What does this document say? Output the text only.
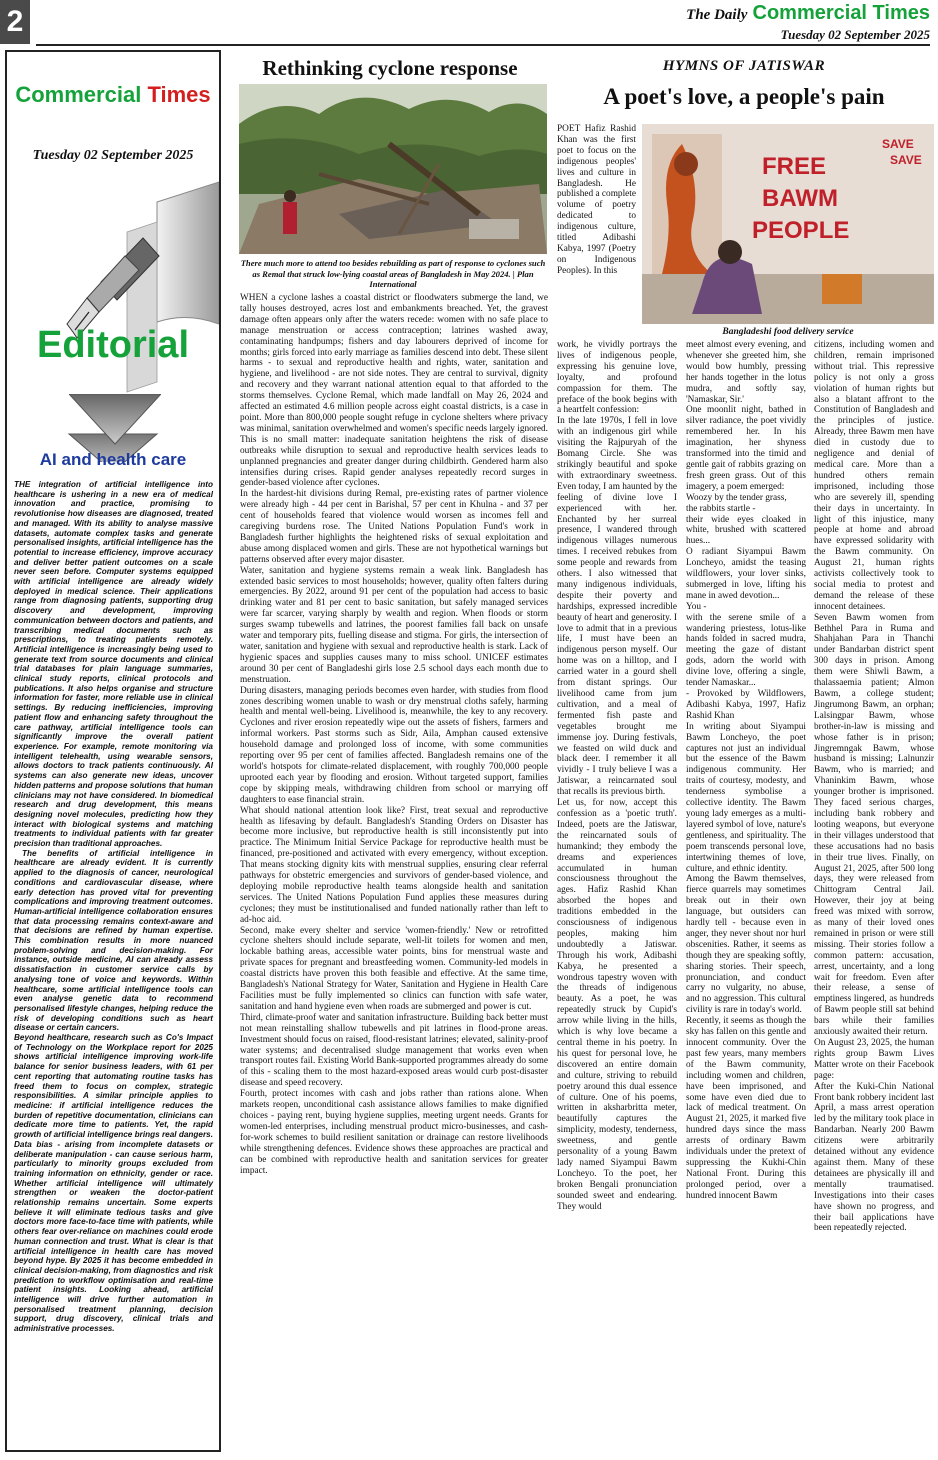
2	The Daily Commercial Times
Tuesday 02 September 2025
Commercial Times
Tuesday 02 September 2025
Editorial
AI and health care

THE integration of artificial intelligence into healthcare is ushering in a new era of medical innovation and practice, promising to revolutionise how diseases are diagnosed, treated and managed. With its ability to analyse massive datasets, automate complex tasks and generate personalised insights, artificial intelligence has the potential to increase efficiency, improve accuracy and deliver better patient outcomes on a scale never seen before. Computer systems equipped with artificial intelligence are already widely deployed in medical science. Their applications range from diagnosing patients, supporting drug discovery and development, improving communication between doctors and patients, and transcribing medical documents such as prescriptions, to treating patients remotely. Artificial intelligence is increasingly being used to generate text from source documents and clinical trial databases for plain language summaries, clinical study reports, clinical protocols and publications. It also helps organise and structure information for faster, more reliable use in clinical settings. By reducing inefficiencies, improving patient flow and enhancing safety throughout the care pathway, artificial intelligence tools can significantly improve the overall patient experience. For example, remote monitoring via intelligent telehealth, using wearable sensors, allows doctors to track patients continuously. AI systems can also generate new ideas, uncover hidden patterns and propose solutions that human clinicians may not have considered. In biomedical research and drug development, this means designing novel molecules, predicting how they interact with biological systems and matching treatments to individual patients with far greater precision than traditional approaches.

The benefits of artificial intelligence in healthcare are already evident. It is currently applied to the diagnosis of cancer, neurological conditions and cardiovascular disease, where early detection has proved vital for preventing complications and improving treatment outcomes. Human-artificial intelligence collaboration ensures that data processing remains context-aware and that decisions are refined by human expertise. This combination results in more nuanced problem-solving and decision-making. For instance, outside medicine, AI can already assess dissatisfaction in customer service calls by analysing tone of voice and keywords. Within healthcare, some artificial intelligence tools can even analyse genetic data to recommend personalised lifestyle changes, helping reduce the risk of developing conditions such as heart disease or certain cancers.

Beyond healthcare, research such as Co's Impact of Technology on the Workplace report for 2025 shows artificial intelligence improving work-life balance for senior business leaders, with 61 per cent reporting that automating routine tasks has freed them to focus on complex, strategic responsibilities. A similar principle applies to medicine: if artificial intelligence reduces the burden of repetitive documentation, clinicians can dedicate more time to patients. Yet, the rapid growth of artificial intelligence brings real dangers. Data bias - arising from incomplete datasets or deliberate manipulation - can cause serious harm, particularly to minority groups excluded from training information on ethnicity, gender or race. Whether artificial intelligence will ultimately strengthen or weaken the doctor-patient relationship remains uncertain. Some experts believe it will eliminate tedious tasks and give doctors more face-to-face time with patients, while others fear over-reliance on machines could erode human connection and trust. What is clear is that artificial intelligence in health care has moved beyond hype. By 2025 it has become embedded in clinical decision-making, from diagnostics and risk prediction to workflow optimisation and real-time patient insights. Looking ahead, artificial intelligence will drive further automation in personalised treatment planning, decision support, drug discovery, clinical trials and administrative processes.

Rethinking cyclone response
There much more to attend too besides rebuilding as part of response to cyclones such as Remal that struck low-lying coastal areas of Bangladesh in May 2024. | Plan International

WHEN a cyclone lashes a coastal district or floodwaters submerge the land, we tally houses destroyed, acres lost and embankments breached. Yet, the gravest damage often appears only after the waters recede: women with no safe place to manage menstruation or access contraception; latrines washed away, contaminating handpumps; fishers and day labourers deprived of income for months; girls forced into early marriage as families descend into debt. These silent harms - to sexual and reproductive health and rights, water, sanitation and hygiene, and livelihood - are not side notes. They are central to survival, dignity and recovery and they warrant national attention equal to that afforded to the storms themselves. Cyclone Remal, which made landfall on May 26, 2024 and affected an estimated 4.6 million people across eight coastal districts, is a case in point. More than 800,000 people sought refuge in cyclone shelters where privacy was minimal, sanitation overwhelmed and women's specific needs largely ignored. This is no small matter: inadequate sanitation heightens the risk of disease outbreaks while disruption to sexual and reproductive health services leads to unplanned pregnancies and greater danger during childbirth. Gendered harm also intensifies during crises. Rapid gender analyses repeatedly record surges in gender-based violence after cyclones.

In the hardest-hit divisions during Remal, pre-existing rates of partner violence were already high - 44 per cent in Barishal, 57 per cent in Khulna - and 37 per cent of households feared that violence would worsen as incomes fell and caregiving burdens rose. The United Nations Population Fund's work in Bangladesh further highlights the heightened risks of sexual exploitation and abuse among displaced women and girls. These are not hypothetical warnings but patterns observed after every major disaster.

Water, sanitation and hygiene systems remain a weak link. Bangladesh has extended basic services to most households; however, quality often falters during emergencies. By 2022, around 91 per cent of the population had access to basic drinking water and 81 per cent to basic sanitation, but safely managed services were far scarcer, varying sharply by wealth and region. When floods or storm surges swamp tubewells and latrines, the poorest families fall back on unsafe water and temporary pits, fuelling disease and stigma. For girls, the intersection of water, sanitation and hygiene with sexual and reproductive health is stark. Lack of hygienic spaces and supplies causes many to miss school. UNICEF estimates around 30 per cent of Bangladeshi girls lose 2.5 school days each month due to menstruation.

During disasters, managing periods becomes even harder, with studies from flood zones describing women unable to wash or dry menstrual cloths safely, harming health and mental well-being. Livelihood is, meanwhile, the key to any recovery. Cyclones and river erosion repeatedly wipe out the assets of fishers, farmers and informal workers. Past storms such as Sidr, Aila, Amphan caused extensive household damage and prolonged loss of income, with some communities reporting over 95 per cent of families affected. Bangladesh remains one of the world's hotspots for climate-related displacement, with roughly 700,000 people uprooted each year by flooding and erosion. Without targeted support, families cope by skipping meals, withdrawing children from school or marrying off daughters to ease financial strain.

What should national attention look like? First, treat sexual and reproductive health as lifesaving by default. Bangladesh's Standing Orders on Disaster has become more inclusive, but reproductive health is still inconsistently put into practice. The Minimum Initial Service Package for reproductive health must be financed, pre-positioned and activated with every emergency, without exception. That means stocking dignity kits with menstrual supplies, ensuring clear referral pathways for obstetric emergencies and survivors of gender-based violence, and deploying mobile reproductive health teams alongside health and sanitation services. The United Nations Population Fund applies these measures during cyclones; they must be institutionalised and funded nationally rather than left to ad-hoc aid.

Second, make every shelter and service 'women-friendly.' New or retrofitted cyclone shelters should include separate, well-lit toilets for women and men, lockable bathing areas, accessible water points, bins for menstrual waste and private spaces for pregnant and breastfeeding women. Community-led models in coastal districts have proven this both feasible and effective. At the same time, Bangladesh's National Strategy for Water, Sanitation and Hygiene in Health Care Facilities must be fully implemented so clinics can function with safe water, sanitation and hand hygiene even when roads are submerged and power is cut.

Third, climate-proof water and sanitation infrastructure. Building back better must not mean reinstalling shallow tubewells and pit latrines in flood-prone areas. Investment should focus on raised, flood-resistant latrines; elevated, salinity-proof water systems; and decentralised sludge management that works even when transport routes fail. Existing World Bank-supported programmes already do some of this - scaling them to the most hazard-exposed areas would curb post-disaster disease and speed recovery.

Fourth, protect incomes with cash and jobs rather than rations alone. When markets reopen, unconditional cash assistance allows families to make dignified choices - paying rent, buying hygiene supplies, meeting urgent needs. Grants for women-led enterprises, including menstrual product micro-businesses, and cash-for-work schemes to build resilient sanitation or drainage can restore livelihoods while strengthening defences. Evidence shows these approaches are practical and can be combined with reproductive health and sanitation services for greater impact.

HYMNS OF JATISWAR
A poet's love, a people's pain
FREE
BAWM
PEOPLE
SAVE
SAVE
Bangladeshi food delivery service

POET Hafiz Rashid Khan was the first poet to focus on the indigenous peoples' lives and culture in Bangladesh. He published a complete volume of poetry dedicated to indigenous culture, titled Adibashi Kabya, 1997 (Poetry on Indigenous Peoples). In this

work, he vividly portrays the lives of indigenous people, expressing his genuine love, loyalty, and profound compassion for them. The preface of the book begins with a heartfelt confession:

In the late 1970s, I fell in love with an indigenous girl while visiting the Rajpuryah of the Bomang Circle. She was strikingly beautiful and spoke with extraordinary sweetness. Even today, I am haunted by the feeling of divine love I experienced with her. Enchanted by her surreal presence, I wandered through indigenous villages numerous times. I received rebukes from some people and rewards from others. I also witnessed that many indigenous individuals, despite their poverty and hardships, expressed incredible beauty of heart and generosity. I love to admit that in a previous life, I must have been an indigenous person myself. Our home was on a hilltop, and I carried water in a gourd shell from distant springs. Our livelihood came from jum cultivation, and a meal of fermented fish paste and vegetables brought me immense joy. During festivals, we feasted on wild duck and black deer. I remember it all vividly - I truly believe I was a Jatiswar, a reincarnated soul that recalls its previous birth.

Let us, for now, accept this confession as a 'poetic truth'. Indeed, poets are the Jatiswar, the reincarnated souls of humankind; they embody the dreams and experiences accumulated in human consciousness throughout the ages. Hafiz Rashid Khan absorbed the hopes and traditions embedded in the consciousness of indigenous peoples, making him undoubtedly a Jatiswar. Through his work, Adibashi Kabya, he presented a wondrous tapestry woven with the threads of indigenous beauty. As a poet, he was repeatedly struck by Cupid's arrow while living in the hills, which is why love became a central theme in his poetry. In his quest for personal love, he discovered an entire domain and culture, striving to rebuild poetry around this dual essence of culture. One of his poems, written in aksharbritta meter, beautifully captures the simplicity, modesty, tenderness, sweetness, and gentle personality of a young Bawm lady named Siyampui Bawm Loncheyo. To the poet, her broken Bengali pronunciation sounded sweet and endearing. They would

meet almost every evening, and whenever she greeted him, she would bow humbly, pressing her hands together in the lotus mudra, and softly say, 'Namaskar, Sir.'

One moonlit night, bathed in silver radiance, the poet vividly remembered her. In his imagination, her shyness transformed into the timid and gentle gait of rabbits grazing on fresh green grass. Out of this imagery, a poem emerged:

Woozy by the tender grass,

the rabbits startle -

their wide eyes cloaked in white, brushed with scattered hues...

O radiant Siyampui Bawm Loncheyo, amidst the teasing wildflowers, your lover sinks, submerged in love, lifting his mane in awed devotion...

You -

with the serene smile of a wandering priestess, lotus-like hands folded in sacred mudra, meeting the gaze of distant gods, adorn the world with divine love, offering a single, tender Namaskar...

- Provoked by Wildflowers, Adibashi Kabya, 1997, Hafiz Rashid Khan

In writing about Siyampui Bawm Loncheyo, the poet captures not just an individual but the essence of the Bawm indigenous community. Her traits of courtesy, modesty, and tenderness symbolise a collective identity. The Bawm young lady emerges as a multi-layered symbol of love, nature's gentleness, and spirituality. The poem transcends personal love, intertwining themes of love, culture, and ethnic identity.

Among the Bawm themselves, fierce quarrels may sometimes break out in their own language, but outsiders can hardly tell - because even in anger, they never shout nor hurl obscenities. Rather, it seems as though they are speaking softly, sharing stories. Their speech, pronunciation, and conduct carry no vulgarity, no abuse, and no aggression. This cultural civility is rare in today's world.

Recently, it seems as though the sky has fallen on this gentle and innocent community. Over the past few years, many members of the Bawm community, including women and children, have been imprisoned, and some have even died due to lack of medical treatment. On August 21, 2025, it marked five hundred days since the mass arrests of ordinary Bawm individuals under the pretext of suppressing the Kukhi-Chin National Front. During this prolonged period, over a hundred innocent Bawm

citizens, including women and children, remain imprisoned without trial. This repressive policy is not only a gross violation of human rights but also a blatant affront to the Constitution of Bangladesh and the principles of justice. Already, three Bawm men have died in custody due to negligence and denial of medical care. More than a hundred others remain imprisoned, including those who are severely ill, spending their days in uncertainty. In light of this injustice, many people at home and abroad have expressed solidarity with the Bawm community. On August 21, human rights activists collectively took to social media to protest and demand the release of these innocent detainees.

Seven Bawm women from Bethhel Para in Ruma and Shahjahan Para in Thanchi under Bandarban district spent 300 days in prison. Among them were Shiwli Bawm, a thalassaemia patient; Almon Bawm, a college student; Jingrumong Bawm, an orphan; Lalsingpar Bawm, whose brother-in-law is missing and whose father is in prison; Jingremngak Bawm, whose husband is missing; Lalnunzir Bawm, who is married; and Vhaninkim Bawm, whose younger brother is imprisoned. They faced serious charges, including bank robbery and looting weapons, but everyone in their villages understood that these accusations had no basis in their true lives. Finally, on August 21, 2025, after 500 long days, they were released from Chittogram Central Jail. However, their joy at being freed was mixed with sorrow, as many of their loved ones remained in prison or were still missing. Their stories follow a common pattern: accusation, arrest, uncertainty, and a long wait for freedom. Even after their release, a sense of emptiness lingered, as hundreds of Bawm people still sat behind bars while their families anxiously awaited their return.

On August 23, 2025, the human rights group Bawm Lives Matter wrote on their Facebook page:

After the Kuki-Chin National Front bank robbery incident last April, a mass arrest operation led by the military took place in Bandarban. Nearly 200 Bawm citizens were arbitrarily detained without any evidence against them. Many of these detainees are physically ill and mentally traumatised. Investigations into their cases have shown no progress, and their bail applications have been repeatedly rejected.
